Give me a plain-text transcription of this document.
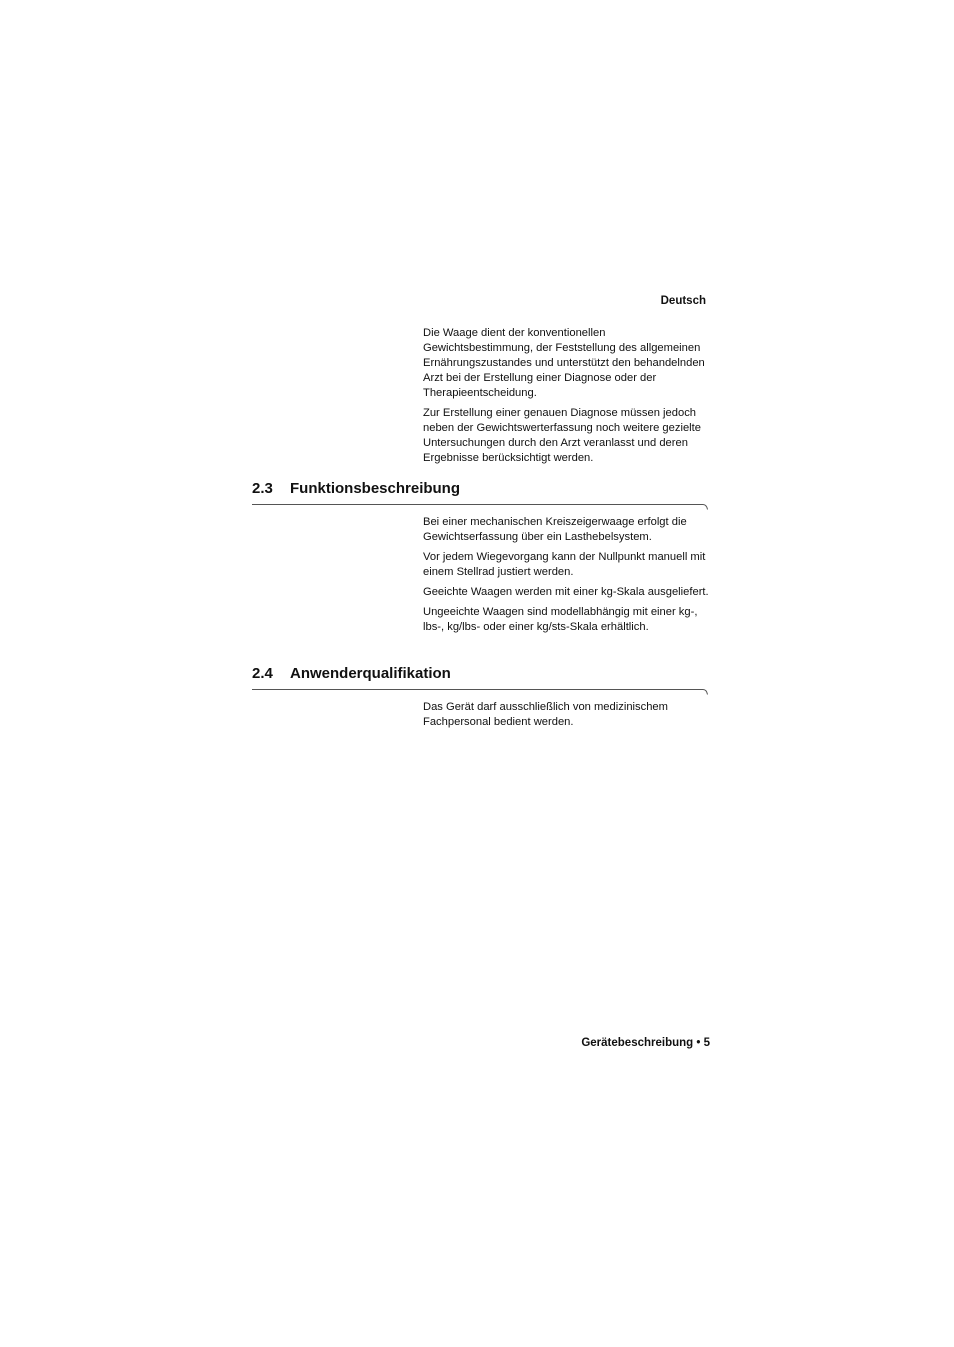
Deutsch

Die Waage dient der konventionellen Gewichtsbestimmung, der Feststellung des allgemeinen Ernährungszustandes und unterstützt den behandelnden Arzt bei der Erstellung einer Diagnose oder der Therapieentscheidung.

Zur Erstellung einer genauen Diagnose müssen jedoch neben der Gewichtswerterfassung noch weitere gezielte Untersuchungen durch den Arzt veranlasst und deren Ergebnisse berücksichtigt werden.

2.3 Funktionsbeschreibung

Bei einer mechanischen Kreiszeigerwaage erfolgt die Gewichtserfassung über ein Lasthebelsystem.

Vor jedem Wiegevorgang kann der Nullpunkt manuell mit einem Stellrad justiert werden.

Geeichte Waagen werden mit einer kg-Skala ausgeliefert.

Ungeeichte Waagen sind modellabhängig mit einer kg-, lbs-, kg/lbs- oder einer kg/sts-Skala erhältlich.

2.4 Anwenderqualifikation

Das Gerät darf ausschließlich von medizinischem Fachpersonal bedient werden.

Gerätebeschreibung • 5
